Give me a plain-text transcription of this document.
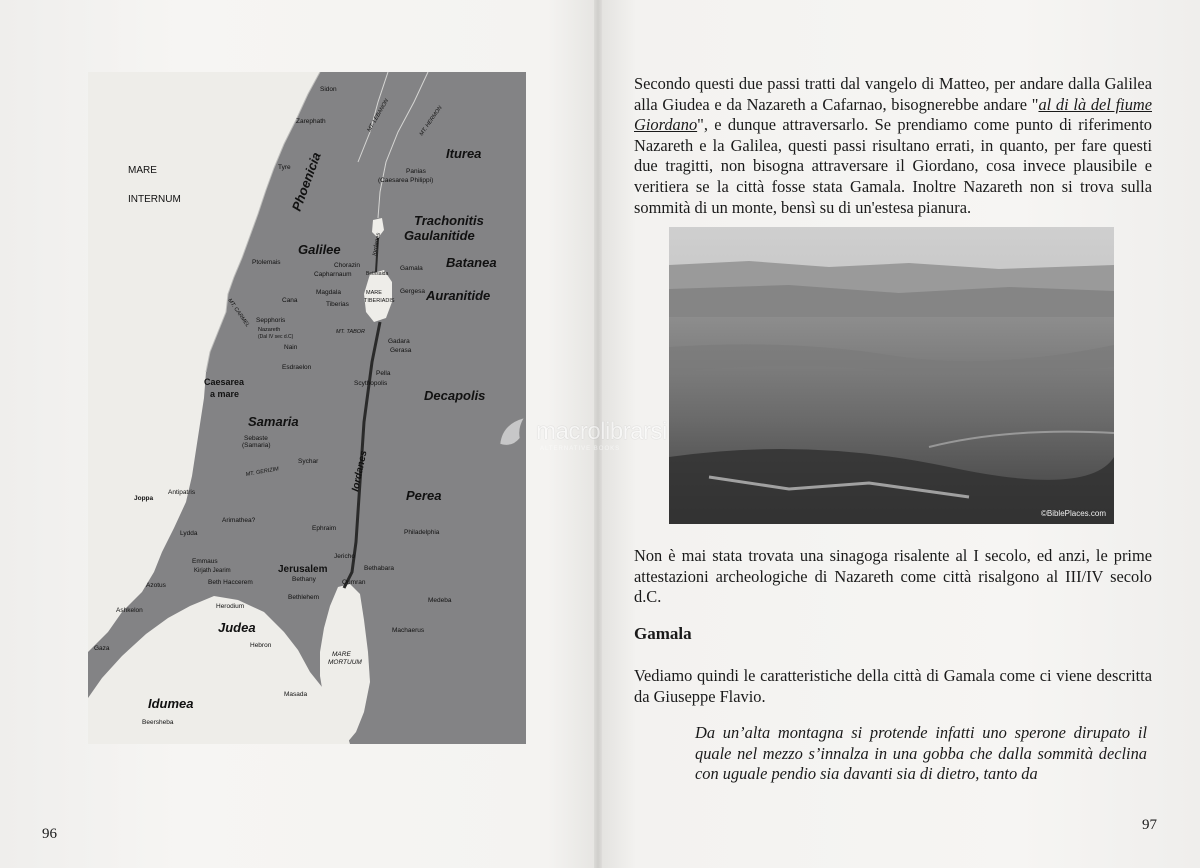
MARE
INTERNUM
MARE
MORTUUM
MARE
TIBERIADIS
Phoenicia
Galilee
Iturea
Trachonitis
Gaulanitide
Batanea
Auranitide
Samaria
Decapolis
Perea
Judea
Idumea
Iordanes
Iordanes
MT. LEBANON	MT. HERMON
MT. CARMEL
MT. TABOR
MT. GERIZIM
Sidon
Zarephath
Tyre
Panias
(Caesarea Philippi)
Ptolemais	Chorazin
Capharnaum	Bethsaida
Gamala
Magdala	Gergesa
Cana
Tiberias
Sepphoris
Nazareth
(Dal IV sec d.C)
Nain
Gadara
Gerasa
Esdraelon
Pella
Scythopolis
Caesarea
a mare
Sebaste
(Samaria)
Sychar
Joppa
Antipatris
Arimathea?
Ephraim
Philadelphia
Lydda
Jericho
Emmaus
Kirjath Jearim	Jerusalem	Bethabara
Azotus	Beth Haccerem	Bethany	Qumran
Ashkelon
Bethlehem	Medeba
Herodium
Gaza	Hebron
Machaerus
Masada
Beersheba
96
Secondo questi due passi tratti dal vangelo di Matteo, per andare dalla Galilea alla Giudea e da Nazareth a Cafarnao, bisognerebbe andare "al di là del fiume Giordano", e dunque attraversarlo. Se prendiamo come punto di riferimento Nazareth e la Galilea, questi passi risultano errati, in quanto, per fare questi due tragitti, non bisogna attraversare il Giordano, cosa invece plausibile e veritiera se la città fosse stata Gamala. Inoltre Nazareth non si trova sulla sommità di un monte, bensì su di un'estesa pianura.
©BiblePlaces.com
Non è mai stata trovata una sinagoga risalente al I secolo, ed anzi, le prime attestazioni archeologiche di Nazareth come città risalgono al III/IV secolo d.C.
Gamala
Vediamo quindi le caratteristiche della città di Gamala come ci viene descritta da Giuseppe Flavio.
Da un’alta montagna si protende infatti uno sperone dirupato il quale nel mezzo s’innalza in una gobba che dalla sommità declina con uguale pendio sia davanti sia di dietro, tanto da
97
macrolibrarsi
ALTERNATIVE BOOKS
